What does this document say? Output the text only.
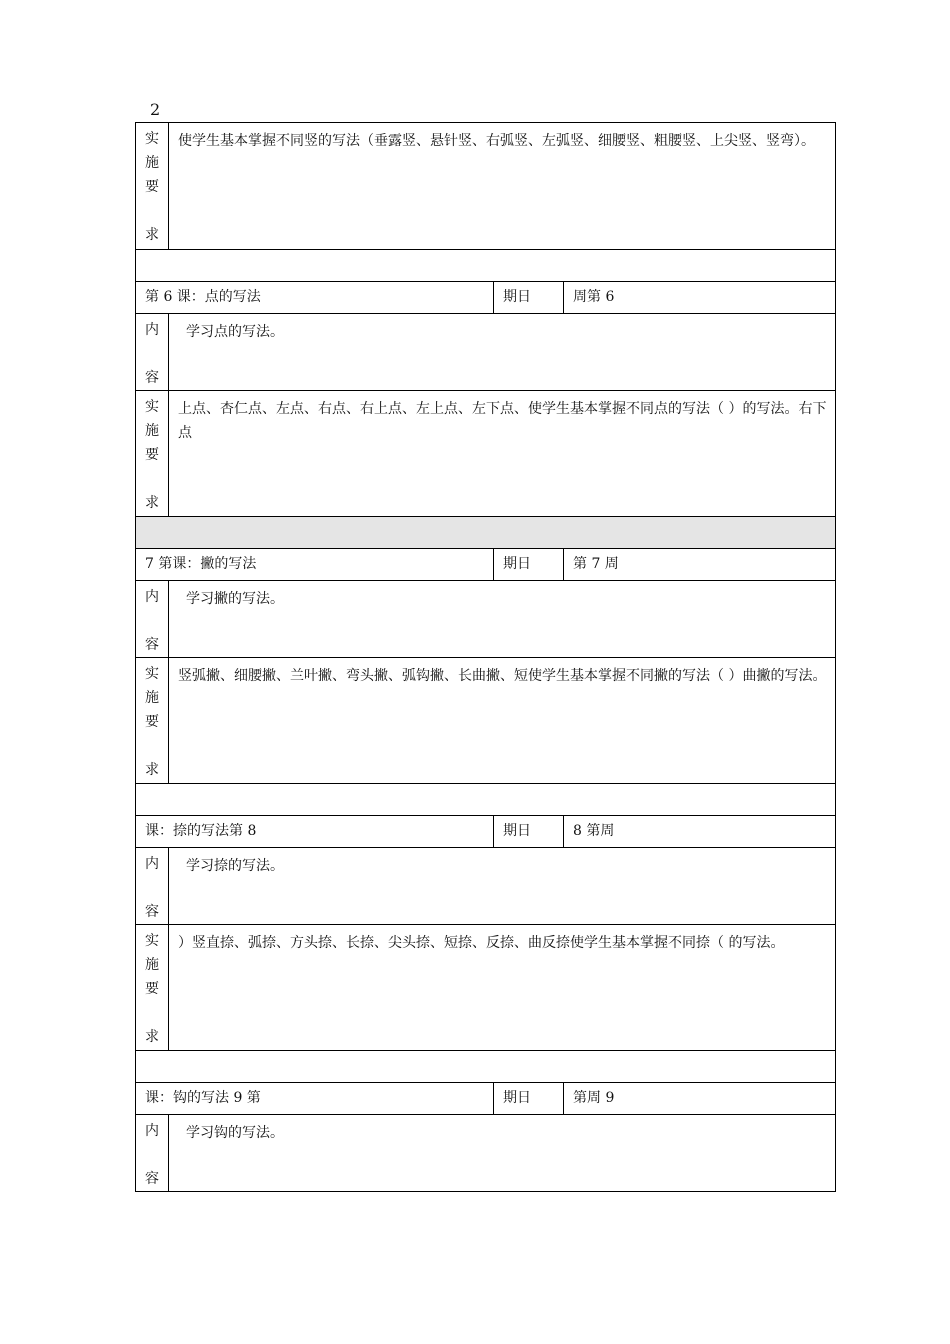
2
实
施
要
求	使学生基本掌握不同竖的写法（垂露竖、悬针竖、右弧竖、左弧竖、细腰竖、粗腰竖、上尖竖、竖弯）。		

第 6 课：点的写法		期日	周第 6

内
容	学习点的写法。		

实
施
要
求	上点、杏仁点、左点、右点、右上点、左上点、左下点、使学生基本掌握不同点的写法（ ）的写法。右下点		

7 第课：撇的写法		期日	第 7 周

内
容	学习撇的写法。		

实
施
要
求	竖弧撇、细腰撇、兰叶撇、弯头撇、弧钩撇、长曲撇、短使学生基本掌握不同撇的写法（ ）曲撇的写法。		

课：捺的写法第 8		期日	8 第周

内
容	学习捺的写法。		

实
施
要
求	）竖直捺、弧捺、方头捺、长捺、尖头捺、短捺、反捺、曲反捺使学生基本掌握不同捺（ 的写法。		

课：钩的写法 9 第		期日	第周 9

内
容	学习钩的写法。		
